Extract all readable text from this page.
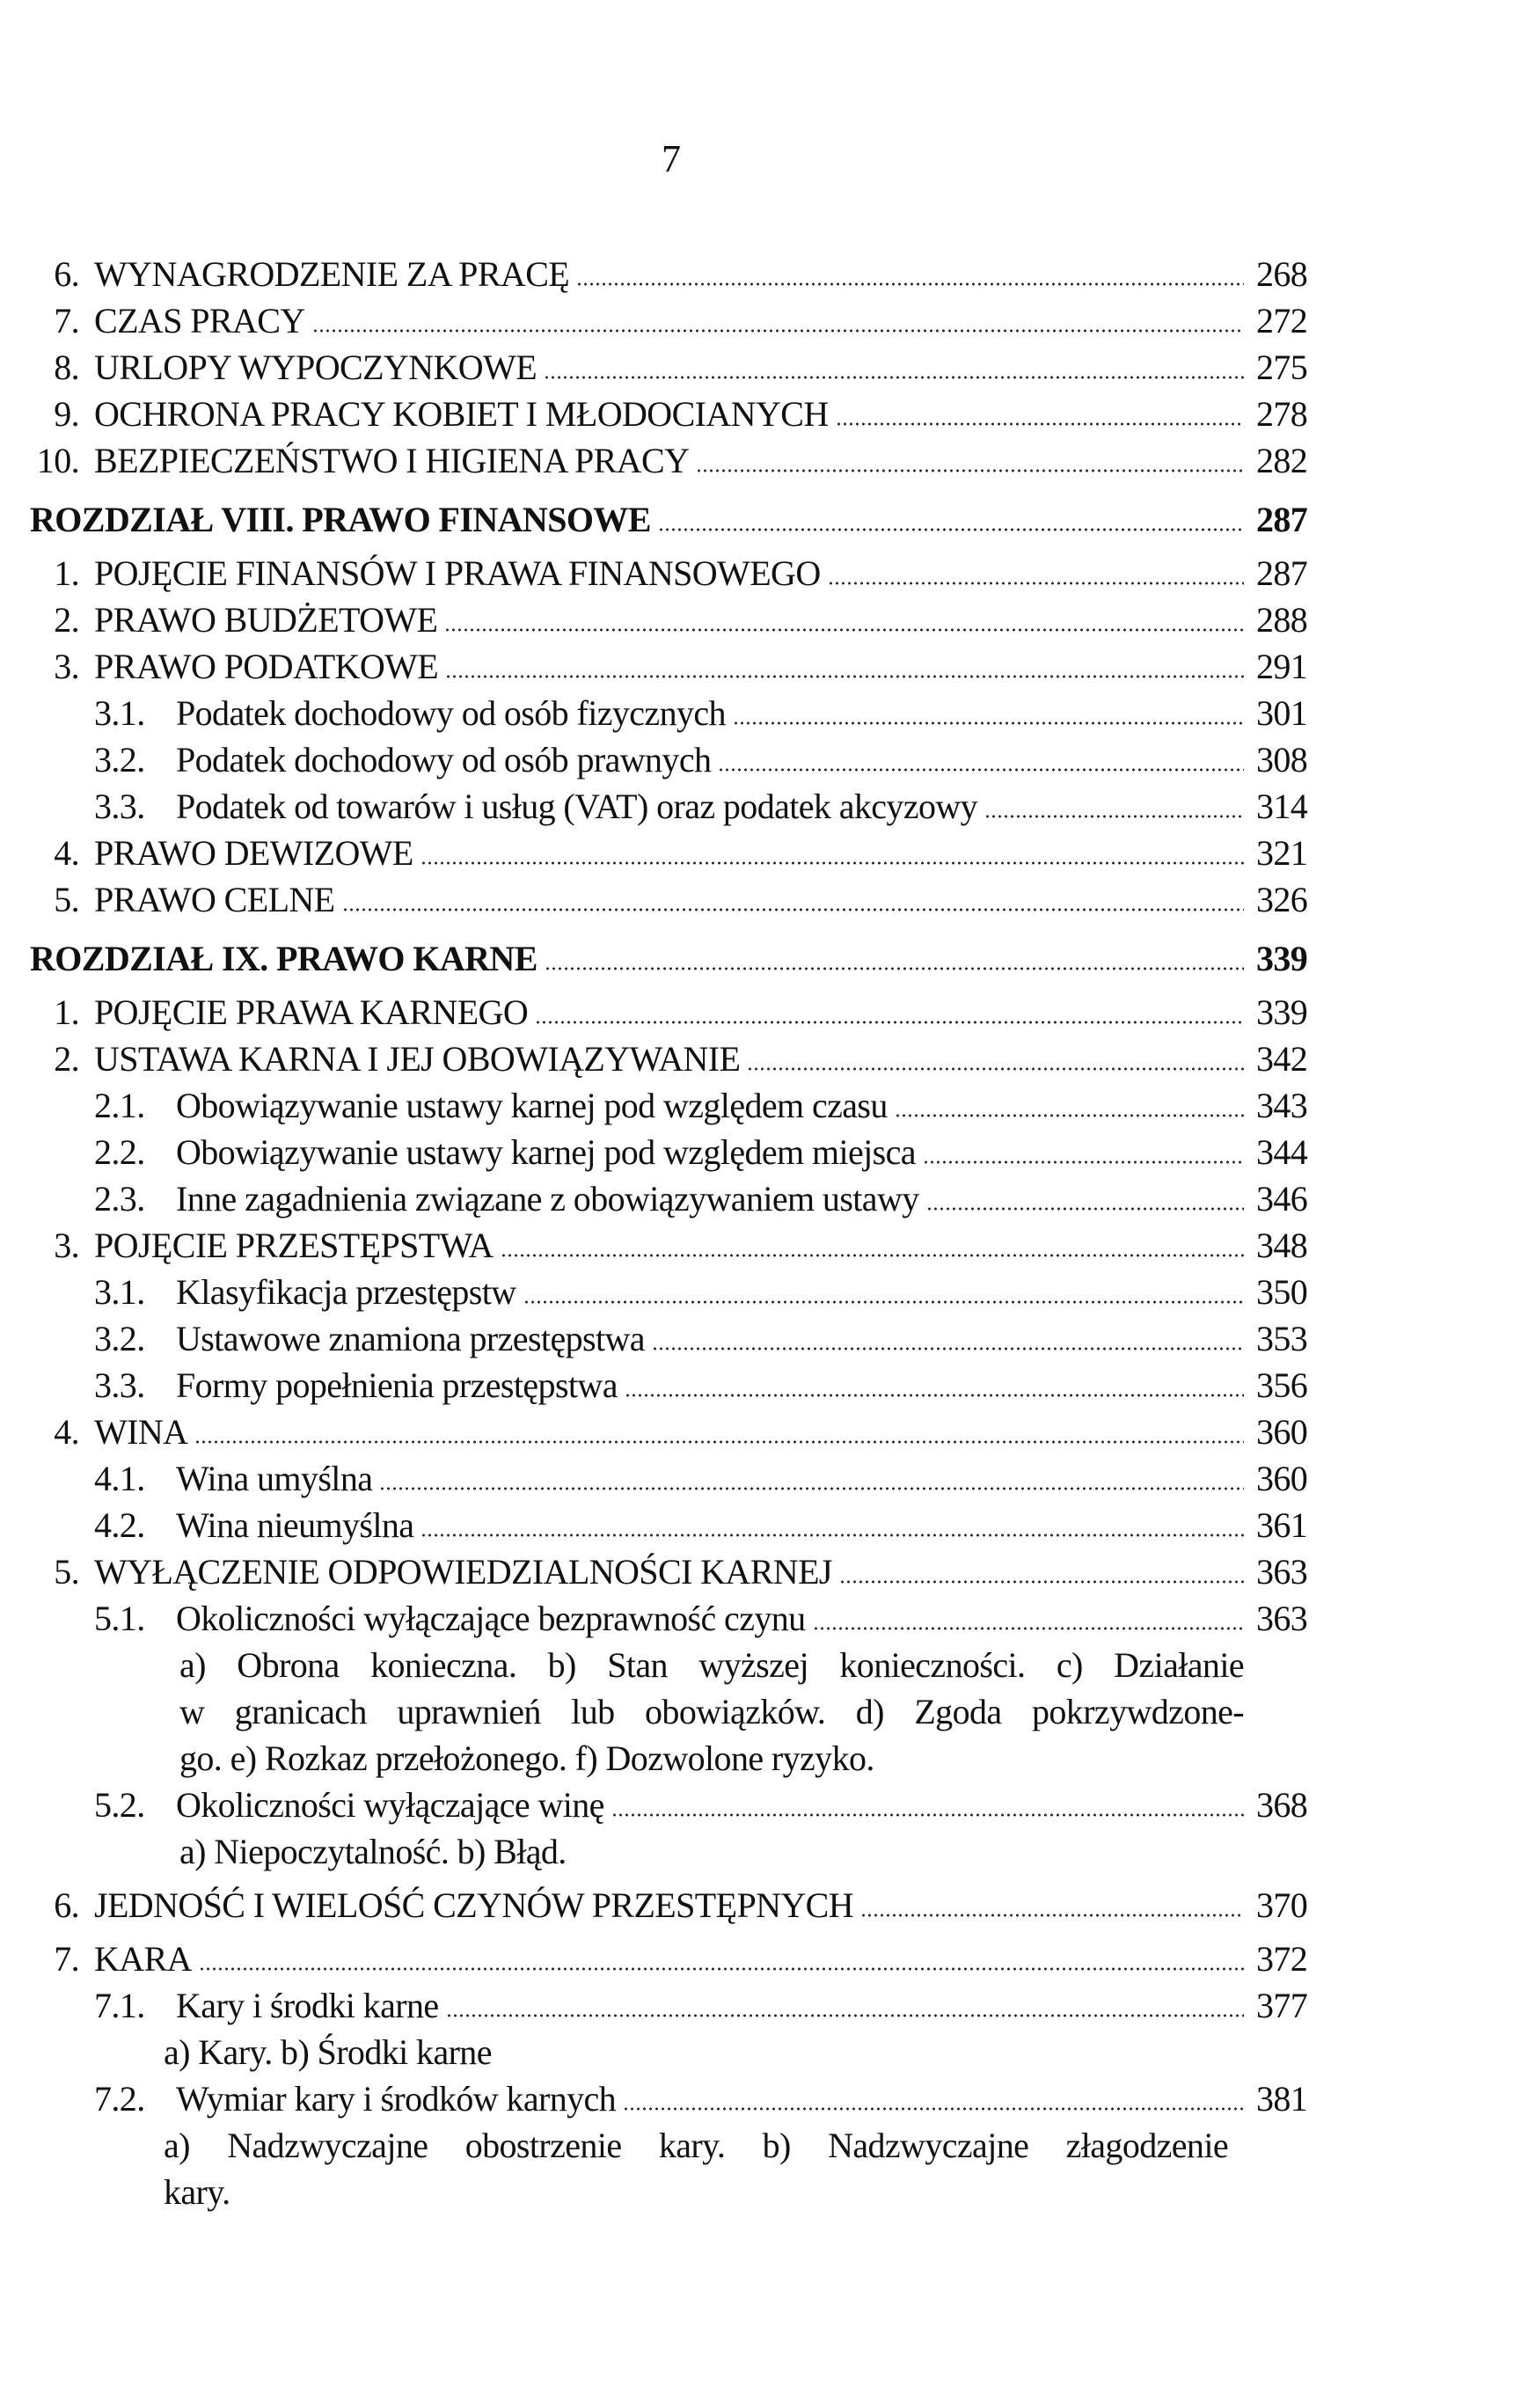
7
6. WYNAGRODZENIE ZA PRACĘ	268
7. CZAS PRACY	272
8. URLOPY WYPOCZYNKOWE	275
9. OCHRONA PRACY KOBIET I MŁODOCIANYCH	278
10. BEZPIECZEŃSTWO I HIGIENA PRACY	282
ROZDZIAŁ VIII. PRAWO FINANSOWE	287
1. POJĘCIE FINANSÓW I PRAWA FINANSOWEGO	287
2. PRAWO BUDŻETOWE	288
3. PRAWO PODATKOWE	291
3.1. Podatek dochodowy od osób fizycznych	301
3.2. Podatek dochodowy od osób prawnych	308
3.3. Podatek od towarów i usług (VAT) oraz podatek akcyzowy	314
4. PRAWO DEWIZOWE	321
5. PRAWO CELNE	326
ROZDZIAŁ IX. PRAWO KARNE	339
1. POJĘCIE PRAWA KARNEGO	339
2. USTAWA KARNA I JEJ OBOWIĄZYWANIE	342
2.1. Obowiązywanie ustawy karnej pod względem czasu	343
2.2. Obowiązywanie ustawy karnej pod względem miejsca	344
2.3. Inne zagadnienia związane z obowiązywaniem ustawy	346
3. POJĘCIE PRZESTĘPSTWA	348
3.1. Klasyfikacja przestępstw	350
3.2. Ustawowe znamiona przestępstwa	353
3.3. Formy popełnienia przestępstwa	356
4. WINA	360
4.1. Wina umyślna	360
4.2. Wina nieumyślna	361
5. WYŁĄCZENIE ODPOWIEDZIALNOŚCI KARNEJ	363
5.1. Okoliczności wyłączające bezprawność czynu	363
a) Obrona konieczna. b) Stan wyższej konieczności. c) Działanie
w granicach uprawnień lub obowiązków. d) Zgoda pokrzywdzone-
go. e) Rozkaz przełożonego. f) Dozwolone ryzyko.
5.2. Okoliczności wyłączające winę	368
a) Niepoczytalność. b) Błąd.
6. JEDNOŚĆ I WIELOŚĆ CZYNÓW PRZESTĘPNYCH	370
7. KARA	372
7.1. Kary i środki karne	377
a) Kary. b) Środki karne
7.2. Wymiar kary i środków karnych	381
a) Nadzwyczajne obostrzenie kary. b) Nadzwyczajne złagodzenie
kary.
